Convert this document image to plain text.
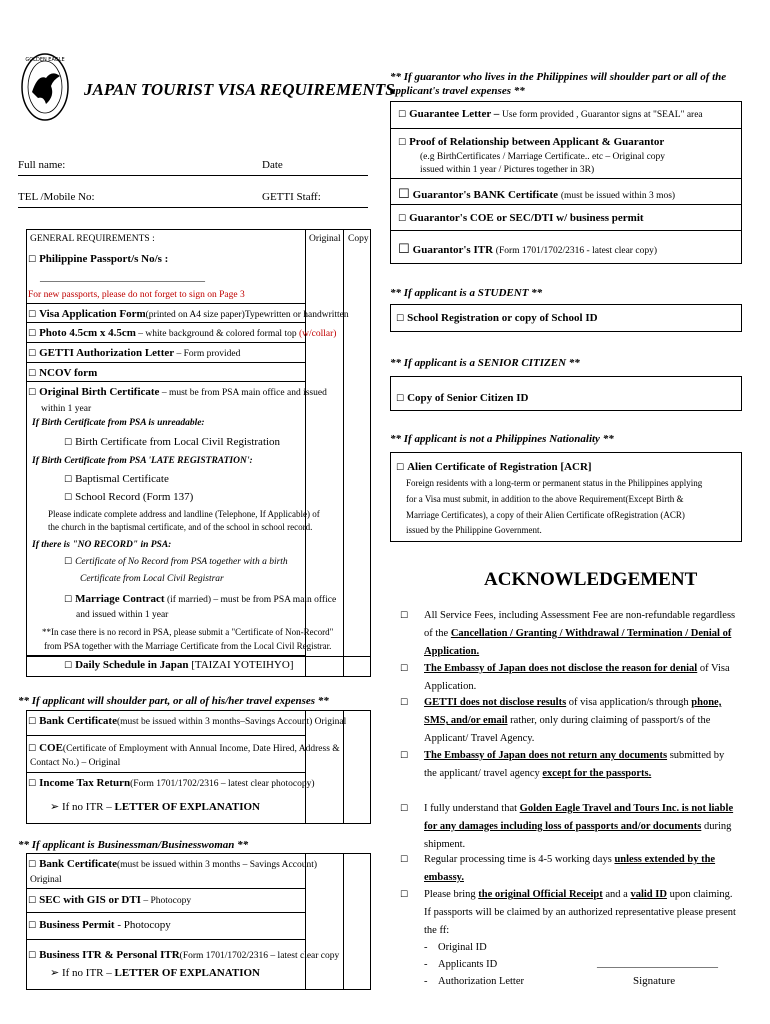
GOLDEN EAGLE
JAPAN TOURIST VISA REQUIREMENTS
Full name:	Date
TEL /Mobile No:	GETTI Staff:
GENERAL REQUIREMENTS :	Original Copy
☐ Philippine Passport/s No/s :
______________________________
For new passports, please do not forget to sign on Page 3
☐ Visa Application Form(printed on A4 size paper)Typewritten or handwritten
☐ Photo 4.5cm x 4.5cm – white background & colored formal top (w/collar)
☐ GETTI Authorization Letter – Form provided
☐ NCOV form
☐ Original Birth Certificate – must be from PSA main office and issued
within 1 year
If Birth Certificate from PSA is unreadable:
☐ Birth Certificate from Local Civil Registration
If Birth Certificate from PSA 'LATE REGISTRATION':
☐ Baptismal Certificate
☐ School Record (Form 137)
Please indicate complete address and landline (Telephone, If Applicable) of
the church in the baptismal certificate, and of the school in school record.
If there is "NO RECORD" in PSA:
☐ Certificate of No Record from PSA together with a birth
Certificate from Local Civil Registrar
☐ Marriage Contract (if married) – must be from PSA main office
and issued within 1 year
**In case there is no record in PSA, please submit a "Certificate of Non-Record"
from PSA together with the Marriage Certificate from the Local Civil Registrar.
☐ Daily Schedule in Japan [TAIZAI YOTEIHYO]
** If applicant will shoulder part, or all of his/her travel expenses **
☐ Bank Certificate(must be issued within 3 months–Savings Account) Original
☐ COE(Certificate of Employment with Annual Income, Date Hired, Address &
Contact No.) – Original
☐ Income Tax Return(Form 1701/1702/2316 – latest clear photocopy)
➢ If no ITR – LETTER OF EXPLANATION
** If applicant is Businessman/Businesswoman **
☐ Bank Certificate(must be issued within 3 months – Savings Account)
Original
☐ SEC with GIS or DTI – Photocopy
☐ Business Permit - Photocopy
☐ Business ITR & Personal ITR(Form 1701/1702/2316 – latest clear copy
➢ If no ITR – LETTER OF EXPLANATION
** If guarantor who lives in the Philippines will shoulder part or all of the applicant's travel expenses **
☐ Guarantee Letter – Use form provided , Guarantor signs at "SEAL" area
☐ Proof of Relationship between Applicant & Guarantor
(e.g BirthCertificates / Marriage Certificate.. etc – Original copy
issued within 1 year / Pictures together in 3R)
☐ Guarantor's BANK Certificate (must be issued within 3 mos)
☐ Guarantor's COE or SEC/DTI w/ business permit
☐ Guarantor's ITR (Form 1701/1702/2316 - latest clear copy)
** If applicant is a STUDENT **
☐ School Registration or copy of School ID
** If applicant is a SENIOR CITIZEN **
☐ Copy of Senior Citizen ID
** If applicant is not a Philippines Nationality **
☐ Alien Certificate of Registration [ACR]
Foreign residents with a long-term or permanent status in the Philippines applying
for a Visa must submit, in addition to the above Requirement(Except Birth &
Marriage Certificates), a copy of their Alien Certificate ofRegistration (ACR)
issued by the Philippine Government.
ACKNOWLEDGEMENT
☐ All Service Fees, including Assessment Fee are non-refundable regardless of the Cancellation / Granting / Withdrawal / Termination / Denial of Application.

☐ The Embassy of Japan does not disclose the reason for denial of Visa Application.

☐ GETTI does not disclose results of visa application/s through phone, SMS, and/or email rather, only during claiming of passport/s of the Applicant/ Travel Agency.

☐ The Embassy of Japan does not return any documents submitted by the applicant/ travel agency except for the passports.

☐ I fully understand that Golden Eagle Travel and Tours Inc. is not liable for any damages including loss of passports and/or documents during shipment.

☐ Regular processing time is 4-5 working days unless extended by the embassy.

☐ Please bring the original Official Receipt and a valid ID upon claiming. If passports will be claimed by an authorized representative please present the ff:

-    Original ID
-    Applicants ID
-    Authorization Letter
______________________
Signature
